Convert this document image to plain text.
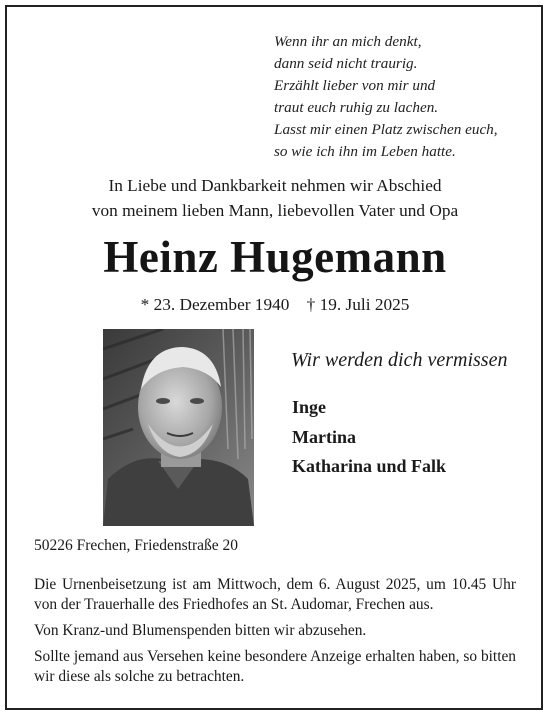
Wenn ihr an mich denkt,
dann seid nicht traurig.
Erzählt lieber von mir und
traut euch ruhig zu lachen.
Lasst mir einen Platz zwischen euch,
so wie ich ihn im Leben hatte.
In Liebe und Dankbarkeit nehmen wir Abschied
von meinem lieben Mann, liebevollen Vater und Opa
Heinz Hugemann
* 23. Dezember 1940    † 19. Juli 2025
Wir werden dich vermissen
Inge
Martina
Katharina und Falk
50226 Frechen, Friedenstraße 20

Die Urnenbeisetzung ist am Mittwoch, dem 6. August 2025, um 10.45 Uhr von der Trauerhalle des Friedhofes an St. Audomar, Frechen aus.

Von Kranz-und Blumenspenden bitten wir abzusehen.

Sollte jemand aus Versehen keine besondere Anzeige erhalten haben, so bitten wir diese als solche zu betrachten.
